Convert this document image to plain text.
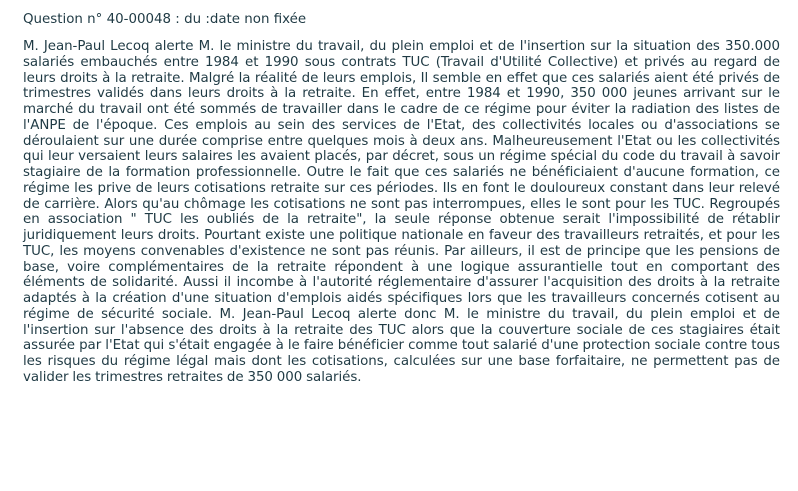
Question n° 40-00048 : du :date non fixée

M. Jean-Paul Lecoq alerte M. le ministre du travail, du plein emploi et de l'insertion sur la situation des 350.000 salariés embauchés entre 1984 et 1990 sous contrats TUC (Travail d'Utilité Collective) et privés au regard de leurs droits à la retraite. Malgré la réalité de leurs emplois, Il semble en effet que ces salariés aient été privés de trimestres validés dans leurs droits à la retraite. En effet, entre 1984 et 1990, 350 000 jeunes arrivant sur le marché du travail ont été sommés de travailler dans le cadre de ce régime pour éviter la radiation des listes de l'ANPE de l'époque. Ces emplois au sein des services de l'Etat, des collectivités locales ou d'associations se déroulaient sur une durée comprise entre quelques mois à deux ans. Malheureusement l'Etat ou les collectivités qui leur versaient leurs salaires les avaient placés, par décret, sous un régime spécial du code du travail à savoir stagiaire de la formation professionnelle. Outre le fait que ces salariés ne bénéficiaient d'aucune formation, ce régime les prive de leurs cotisations retraite sur ces périodes. Ils en font le douloureux constant dans leur relevé de carrière. Alors qu'au chômage les cotisations ne sont pas interrompues, elles le sont pour les TUC. Regroupés en association " TUC les oubliés de la retraite", la seule réponse obtenue serait l'impossibilité de rétablir juridiquement leurs droits. Pourtant existe une politique nationale en faveur des travailleurs retraités, et pour les TUC, les moyens convenables d'existence ne sont pas réunis. Par ailleurs, il est de principe que les pensions de base, voire complémentaires de la retraite répondent à une logique assurantielle tout en comportant des éléments de solidarité. Aussi il incombe à l'autorité réglementaire d'assurer l'acquisition des droits à la retraite adaptés à la création d'une situation d'emplois aidés spécifiques lors que les travailleurs concernés cotisent au régime de sécurité sociale. M. Jean-Paul Lecoq alerte donc M. le ministre du travail, du plein emploi et de l'insertion sur l'absence des droits à la retraite des TUC alors que la couverture sociale de ces stagiaires était assurée par l'Etat qui s'était engagée à le faire bénéficier comme tout salarié d'une protection sociale contre tous les risques du régime légal mais dont les cotisations, calculées sur une base forfaitaire, ne permettent pas de valider les trimestres retraites de 350 000 salariés.
